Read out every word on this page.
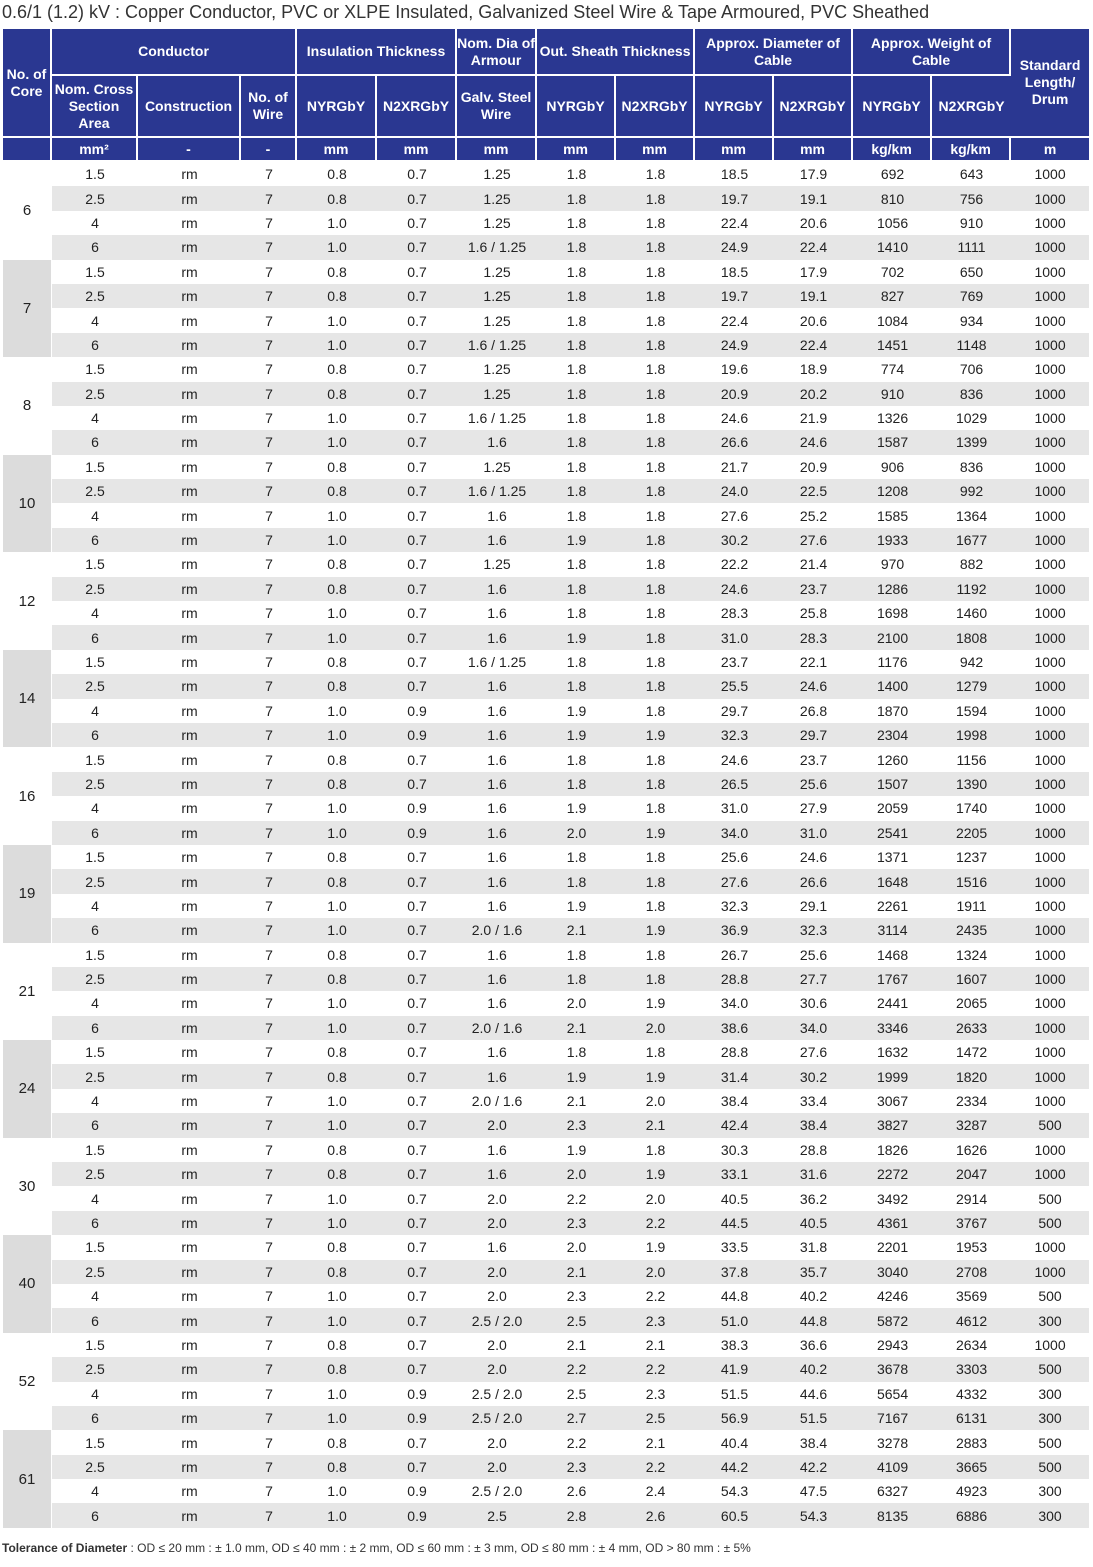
0.6/1 (1.2) kV : Copper Conductor, PVC or XLPE Insulated, Galvanized Steel Wire & Tape Armoured, PVC Sheathed
No. of Core	Conductor			Insulation Thickness		Nom. Dia of Armour	Out. Sheath Thickness		Approx. Diameter of Cable		Approx. Weight of Cable		Standard Length/ Drum
	Nom. Cross Section Area	Construction	No. of Wire	NYRGbY	N2XRGbY	Galv. Steel Wire	NYRGbY	N2XRGbY	NYRGbY	N2XRGbY	NYRGbY	N2XRGbY	
	mm²	-	-	mm	mm	mm	mm	mm	mm	mm	kg/km	kg/km	m
6	1.5	rm	7	0.8	0.7	1.25	1.8	1.8	18.5	17.9	692	643	1000
	2.5	rm	7	0.8	0.7	1.25	1.8	1.8	19.7	19.1	810	756	1000
	4	rm	7	1.0	0.7	1.25	1.8	1.8	22.4	20.6	1056	910	1000
	6	rm	7	1.0	0.7	1.6 / 1.25	1.8	1.8	24.9	22.4	1410	1111	1000
7	1.5	rm	7	0.8	0.7	1.25	1.8	1.8	18.5	17.9	702	650	1000
	2.5	rm	7	0.8	0.7	1.25	1.8	1.8	19.7	19.1	827	769	1000
	4	rm	7	1.0	0.7	1.25	1.8	1.8	22.4	20.6	1084	934	1000
	6	rm	7	1.0	0.7	1.6 / 1.25	1.8	1.8	24.9	22.4	1451	1148	1000
8	1.5	rm	7	0.8	0.7	1.25	1.8	1.8	19.6	18.9	774	706	1000
	2.5	rm	7	0.8	0.7	1.25	1.8	1.8	20.9	20.2	910	836	1000
	4	rm	7	1.0	0.7	1.6 / 1.25	1.8	1.8	24.6	21.9	1326	1029	1000
	6	rm	7	1.0	0.7	1.6	1.8	1.8	26.6	24.6	1587	1399	1000
10	1.5	rm	7	0.8	0.7	1.25	1.8	1.8	21.7	20.9	906	836	1000
	2.5	rm	7	0.8	0.7	1.6 / 1.25	1.8	1.8	24.0	22.5	1208	992	1000
	4	rm	7	1.0	0.7	1.6	1.8	1.8	27.6	25.2	1585	1364	1000
	6	rm	7	1.0	0.7	1.6	1.9	1.8	30.2	27.6	1933	1677	1000
12	1.5	rm	7	0.8	0.7	1.25	1.8	1.8	22.2	21.4	970	882	1000
	2.5	rm	7	0.8	0.7	1.6	1.8	1.8	24.6	23.7	1286	1192	1000
	4	rm	7	1.0	0.7	1.6	1.8	1.8	28.3	25.8	1698	1460	1000
	6	rm	7	1.0	0.7	1.6	1.9	1.8	31.0	28.3	2100	1808	1000
14	1.5	rm	7	0.8	0.7	1.6 / 1.25	1.8	1.8	23.7	22.1	1176	942	1000
	2.5	rm	7	0.8	0.7	1.6	1.8	1.8	25.5	24.6	1400	1279	1000
	4	rm	7	1.0	0.9	1.6	1.9	1.8	29.7	26.8	1870	1594	1000
	6	rm	7	1.0	0.9	1.6	1.9	1.9	32.3	29.7	2304	1998	1000
16	1.5	rm	7	0.8	0.7	1.6	1.8	1.8	24.6	23.7	1260	1156	1000
	2.5	rm	7	0.8	0.7	1.6	1.8	1.8	26.5	25.6	1507	1390	1000
	4	rm	7	1.0	0.9	1.6	1.9	1.8	31.0	27.9	2059	1740	1000
	6	rm	7	1.0	0.9	1.6	2.0	1.9	34.0	31.0	2541	2205	1000
19	1.5	rm	7	0.8	0.7	1.6	1.8	1.8	25.6	24.6	1371	1237	1000
	2.5	rm	7	0.8	0.7	1.6	1.8	1.8	27.6	26.6	1648	1516	1000
	4	rm	7	1.0	0.7	1.6	1.9	1.8	32.3	29.1	2261	1911	1000
	6	rm	7	1.0	0.7	2.0 / 1.6	2.1	1.9	36.9	32.3	3114	2435	1000
21	1.5	rm	7	0.8	0.7	1.6	1.8	1.8	26.7	25.6	1468	1324	1000
	2.5	rm	7	0.8	0.7	1.6	1.8	1.8	28.8	27.7	1767	1607	1000
	4	rm	7	1.0	0.7	1.6	2.0	1.9	34.0	30.6	2441	2065	1000
	6	rm	7	1.0	0.7	2.0 / 1.6	2.1	2.0	38.6	34.0	3346	2633	1000
24	1.5	rm	7	0.8	0.7	1.6	1.8	1.8	28.8	27.6	1632	1472	1000
	2.5	rm	7	0.8	0.7	1.6	1.9	1.9	31.4	30.2	1999	1820	1000
	4	rm	7	1.0	0.7	2.0 / 1.6	2.1	2.0	38.4	33.4	3067	2334	1000
	6	rm	7	1.0	0.7	2.0	2.3	2.1	42.4	38.4	3827	3287	500
30	1.5	rm	7	0.8	0.7	1.6	1.9	1.8	30.3	28.8	1826	1626	1000
	2.5	rm	7	0.8	0.7	1.6	2.0	1.9	33.1	31.6	2272	2047	1000
	4	rm	7	1.0	0.7	2.0	2.2	2.0	40.5	36.2	3492	2914	500
	6	rm	7	1.0	0.7	2.0	2.3	2.2	44.5	40.5	4361	3767	500
40	1.5	rm	7	0.8	0.7	1.6	2.0	1.9	33.5	31.8	2201	1953	1000
	2.5	rm	7	0.8	0.7	2.0	2.1	2.0	37.8	35.7	3040	2708	1000
	4	rm	7	1.0	0.7	2.0	2.3	2.2	44.8	40.2	4246	3569	500
	6	rm	7	1.0	0.7	2.5 / 2.0	2.5	2.3	51.0	44.8	5872	4612	300
52	1.5	rm	7	0.8	0.7	2.0	2.1	2.1	38.3	36.6	2943	2634	1000
	2.5	rm	7	0.8	0.7	2.0	2.2	2.2	41.9	40.2	3678	3303	500
	4	rm	7	1.0	0.9	2.5 / 2.0	2.5	2.3	51.5	44.6	5654	4332	300
	6	rm	7	1.0	0.9	2.5 / 2.0	2.7	2.5	56.9	51.5	7167	6131	300
61	1.5	rm	7	0.8	0.7	2.0	2.2	2.1	40.4	38.4	3278	2883	500
	2.5	rm	7	0.8	0.7	2.0	2.3	2.2	44.2	42.2	4109	3665	500
	4	rm	7	1.0	0.9	2.5 / 2.0	2.6	2.4	54.3	47.5	6327	4923	300
	6	rm	7	1.0	0.9	2.5	2.8	2.6	60.5	54.3	8135	6886	300
Tolerance of Diameter : OD ≤ 20 mm : ± 1.0 mm, OD ≤ 40 mm : ± 2 mm, OD ≤ 60 mm : ± 3 mm, OD ≤ 80 mm : ± 4 mm, OD > 80 mm : ± 5%
